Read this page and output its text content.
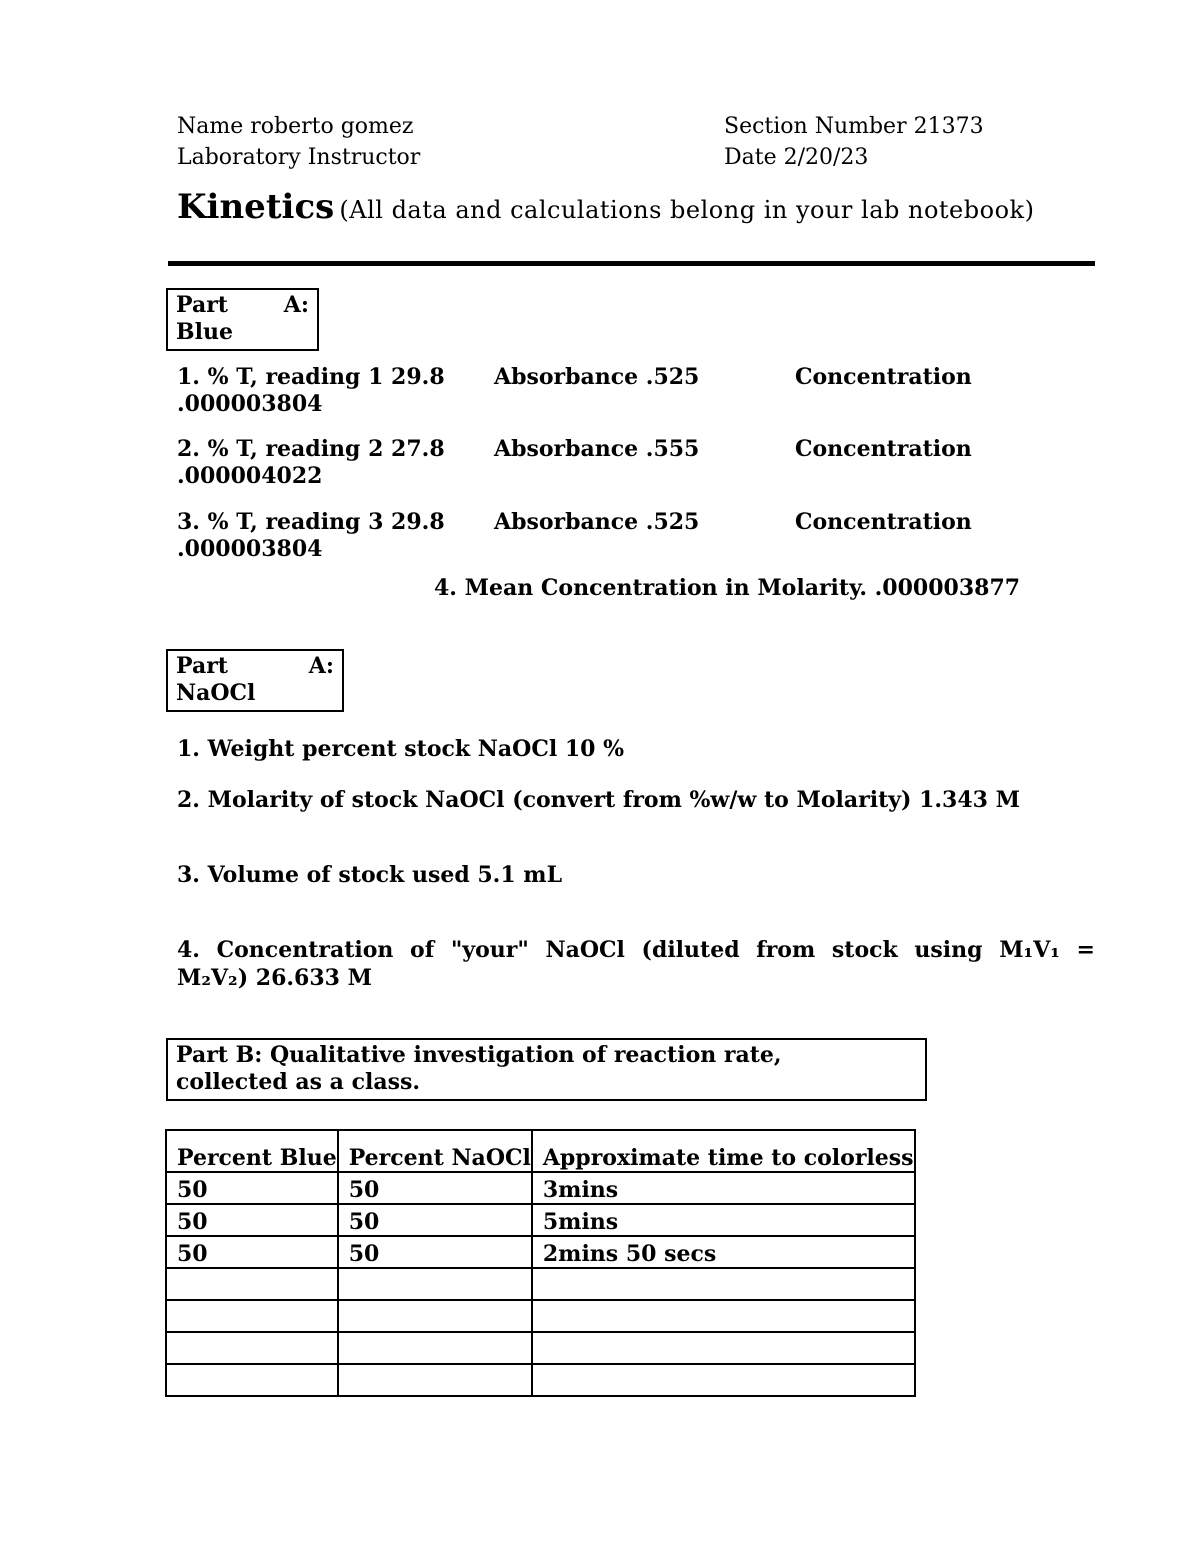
Name roberto gomez
Laboratory Instructor
Section Number 21373
Date 2/20/23
Kinetics (All data and calculations belong in your lab notebook)
Part	A:
Blue
1. % T, reading 1 29.8 Absorbance .525	Concentration
.000003804
2. % T, reading 2 27.8 Absorbance .555	Concentration
.000004022
3. % T, reading 3 29.8 Absorbance .525	Concentration
.000003804
4. Mean Concentration in Molarity. .000003877
Part	A:
NaOCl
1. Weight percent stock NaOCl 10 %
2. Molarity of stock NaOCl (convert from %w/w to Molarity) 1.343 M
3. Volume of stock used 5.1 mL
4. Concentration of "your" NaOCl (diluted from stock using M₁V₁ =
M₂V₂) 26.633 M
Part B: Qualitative investigation of reaction rate,
collected as a class.
Percent Blue	Percent NaOCl	Approximate time to colorless
50	50	3mins
50	50	5mins
50	50	2mins 50 secs
